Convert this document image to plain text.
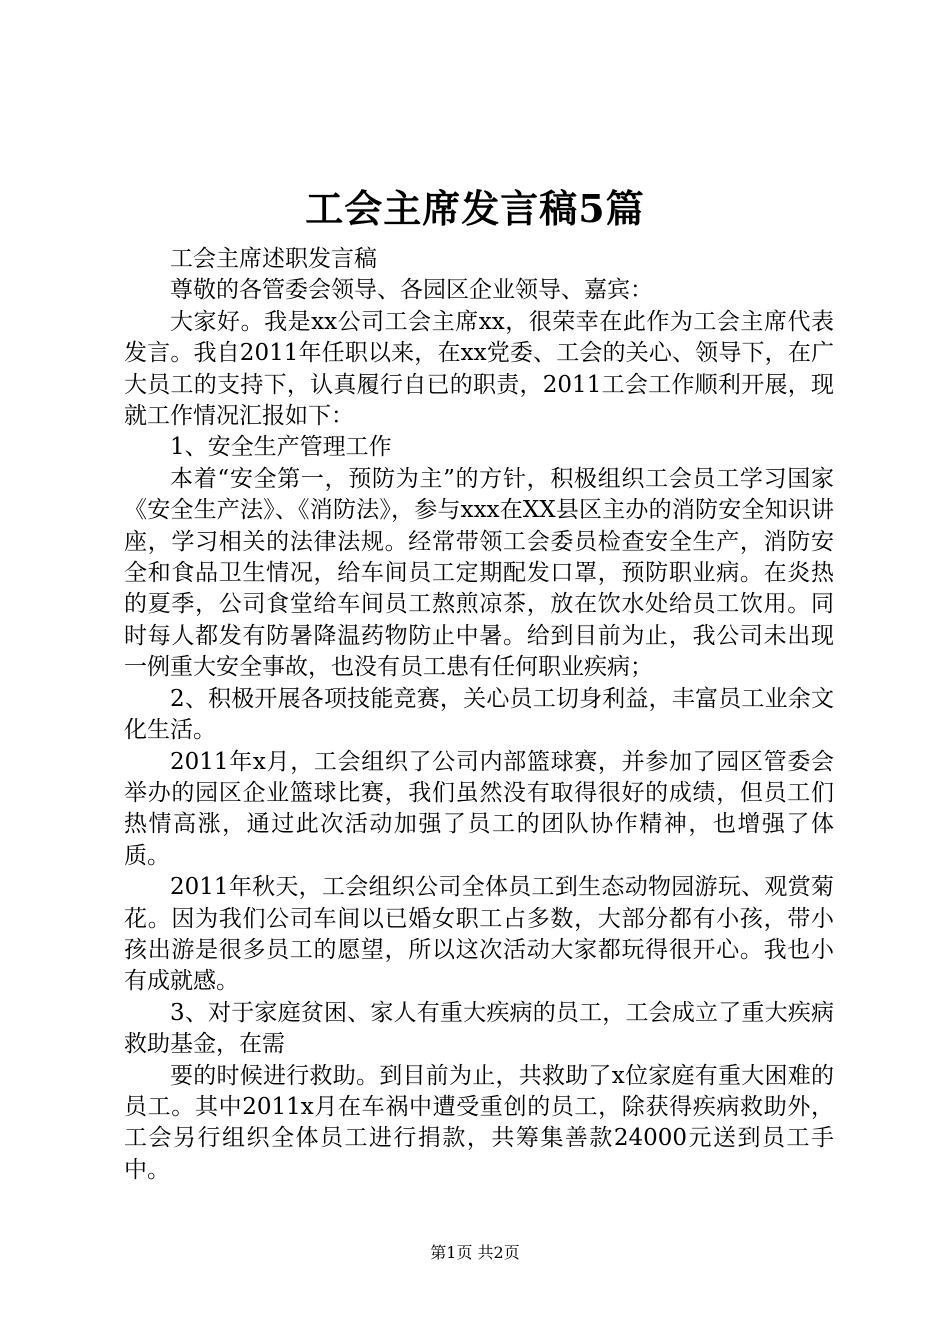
工会主席发言稿5篇

工会主席述职发言稿

尊敬的各管委会领导、各园区企业领导、嘉宾：

大家好。我是xx公司工会主席xx，很荣幸在此作为工会主席代表发言。我自2011年任职以来，在xx党委、工会的关心、领导下，在广大员工的支持下，认真履行自已的职责，2011工会工作顺利开展，现就工作情况汇报如下：

1、安全生产管理工作

本着“安全第一，预防为主”的方针，积极组织工会员工学习国家《安全生产法》、《消防法》，参与xxx在XX县区主办的消防安全知识讲座，学习相关的法律法规。经常带领工会委员检查安全生产，消防安全和食品卫生情况，给车间员工定期配发口罩，预防职业病。在炎热的夏季，公司食堂给车间员工熬煎凉茶，放在饮水处给员工饮用。同时每人都发有防暑降温药物防止中暑。给到目前为止，我公司未出现一例重大安全事故，也没有员工患有任何职业疾病；

2、积极开展各项技能竞赛，关心员工切身利益，丰富员工业余文化生活。

2011年x月，工会组织了公司内部篮球赛，并参加了园区管委会举办的园区企业篮球比赛，我们虽然没有取得很好的成绩，但员工们热情高涨，通过此次活动加强了员工的团队协作精神，也增强了体质。

2011年秋天，工会组织公司全体员工到生态动物园游玩、观赏菊花。因为我们公司车间以已婚女职工占多数，大部分都有小孩，带小孩出游是很多员工的愿望，所以这次活动大家都玩得很开心。我也小有成就感。

3、对于家庭贫困、家人有重大疾病的员工，工会成立了重大疾病救助基金，在需

要的时候进行救助。到目前为止，共救助了x位家庭有重大困难的员工。其中2011x月在车祸中遭受重创的员工，除获得疾病救助外，工会另行组织全体员工进行捐款，共筹集善款24000元送到员工手中。

第1页 共2页
